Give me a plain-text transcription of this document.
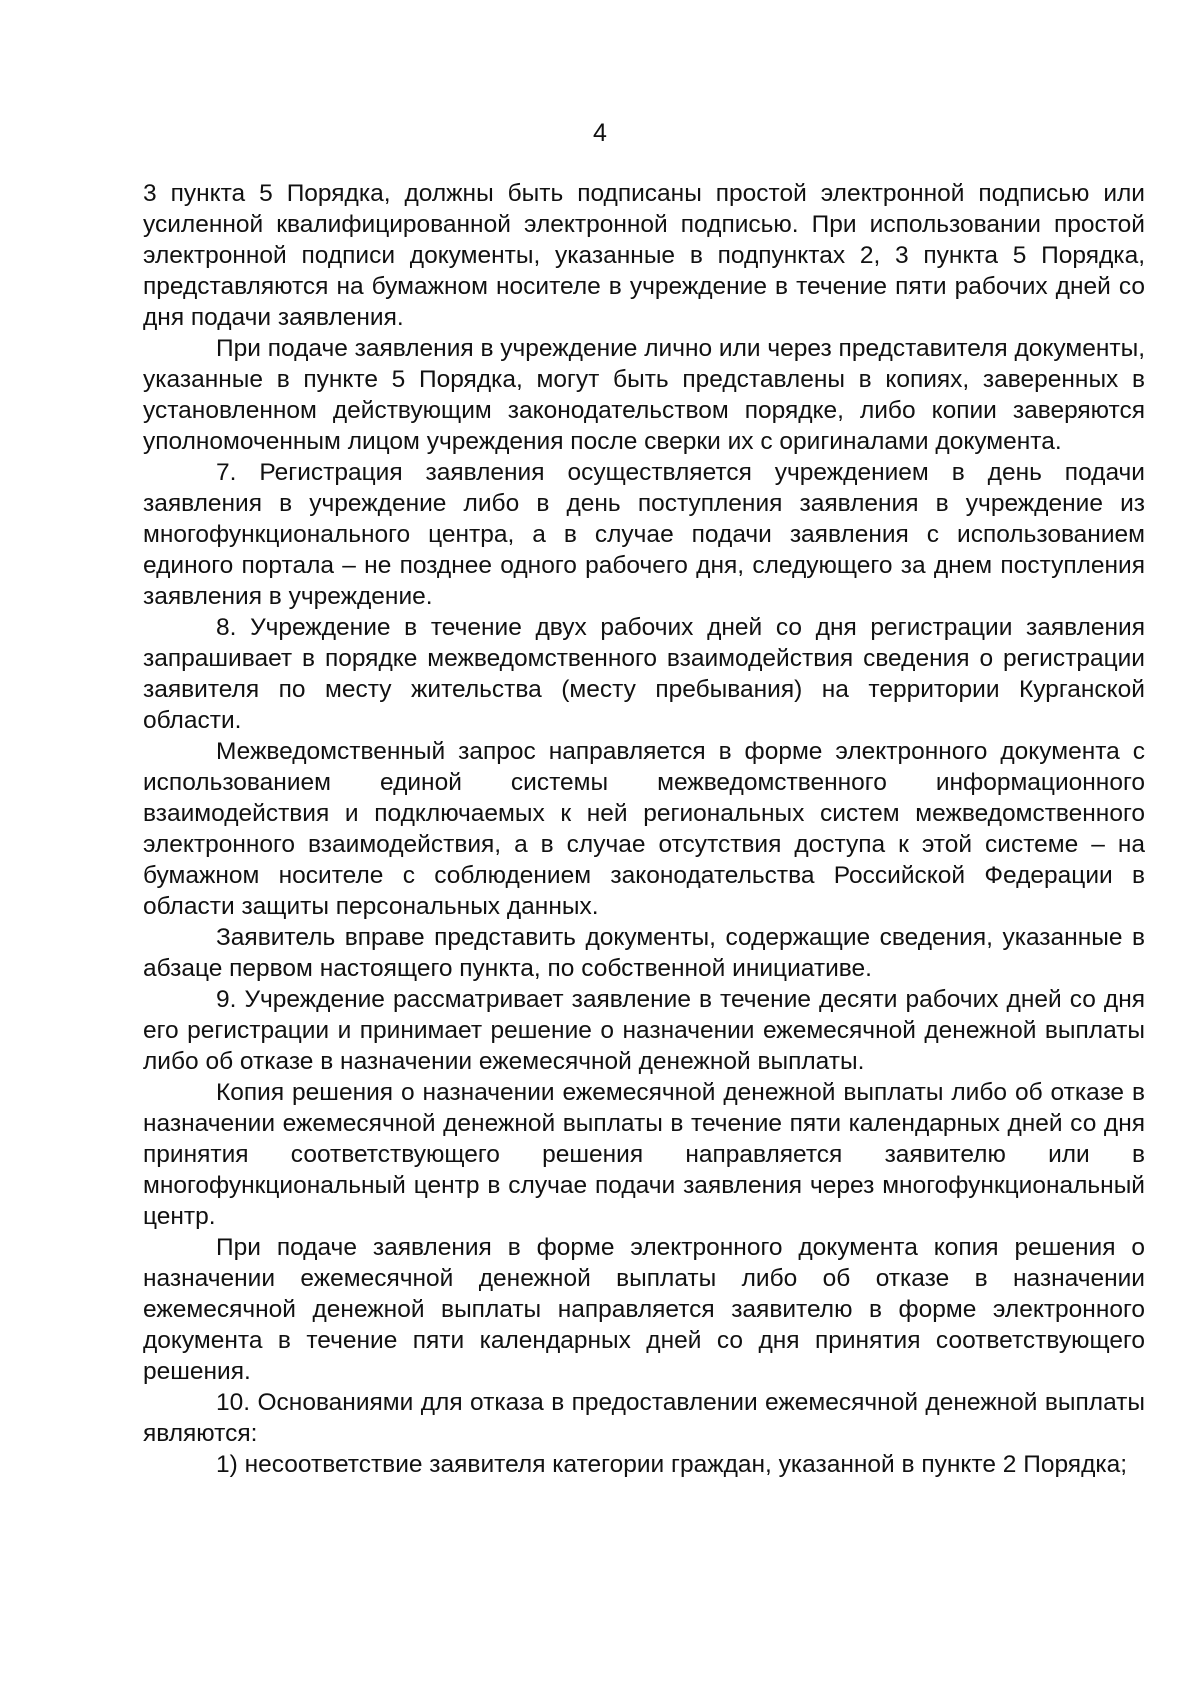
4

3 пункта 5 Порядка, должны быть подписаны простой электронной подписью или усиленной квалифицированной электронной подписью. При использовании простой электронной подписи документы, указанные в подпунктах 2, 3 пункта 5 Порядка, представляются на бумажном носителе в учреждение в течение пяти рабочих дней со дня подачи заявления.

При подаче заявления в учреждение лично или через представителя документы, указанные в пункте 5 Порядка, могут быть представлены в копиях, заверенных в установленном действующим законодательством порядке, либо копии заверяются уполномоченным лицом учреждения после сверки их с оригиналами документа.

7. Регистрация заявления осуществляется учреждением в день подачи заявления в учреждение либо в день поступления заявления в учреждение из многофункционального центра, а в случае подачи заявления с использованием единого портала – не позднее одного рабочего дня, следующего за днем поступления заявления в учреждение.

8. Учреждение в течение двух рабочих дней со дня регистрации заявления запрашивает в порядке межведомственного взаимодействия сведения о регистрации заявителя по месту жительства (месту пребывания) на территории Курганской области.

Межведомственный запрос направляется в форме электронного документа с использованием единой системы межведомственного информационного взаимодействия и подключаемых к ней региональных систем межведомственного электронного взаимодействия, а в случае отсутствия доступа к этой системе – на бумажном носителе с соблюдением законодательства Российской Федерации в области защиты персональных данных.

Заявитель вправе представить документы, содержащие сведения, указанные в абзаце первом настоящего пункта, по собственной инициативе.

9. Учреждение рассматривает заявление в течение десяти рабочих дней со дня его регистрации и принимает решение о назначении ежемесячной денежной выплаты либо об отказе в назначении ежемесячной денежной выплаты.

Копия решения о назначении ежемесячной денежной выплаты либо об отказе в назначении ежемесячной денежной выплаты в течение пяти календарных дней со дня принятия соответствующего решения направляется заявителю или в многофункциональный центр в случае подачи заявления через многофункциональный центр.

При подаче заявления в форме электронного документа копия решения о назначении ежемесячной денежной выплаты либо об отказе в назначении ежемесячной денежной выплаты направляется заявителю в форме электронного документа в течение пяти календарных дней со дня принятия соответствующего решения.

10. Основаниями для отказа в предоставлении ежемесячной денежной выплаты являются:

1) несоответствие заявителя категории граждан, указанной в пункте 2 Порядка;
